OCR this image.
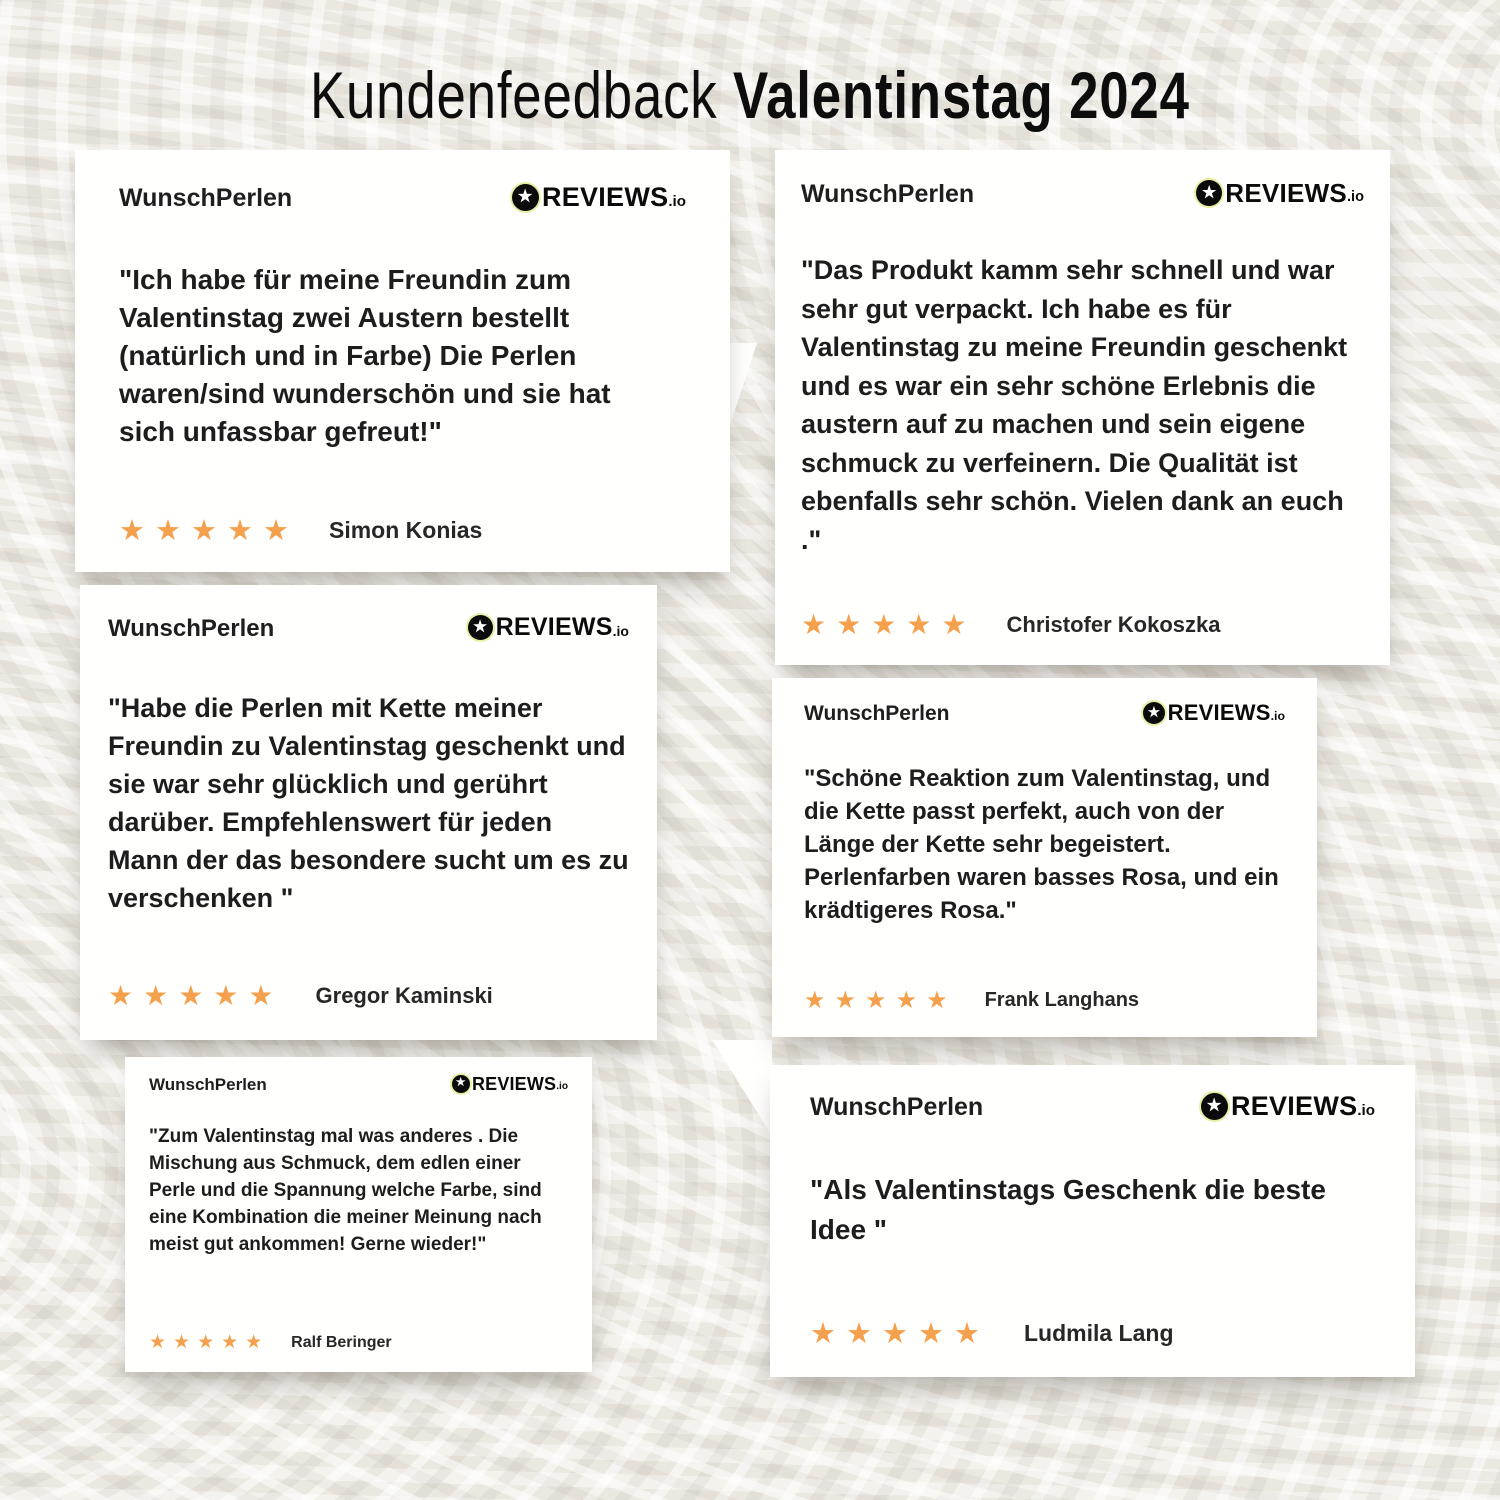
Kundenfeedback Valentinstag 2024
WunschPerlen	★ REVIEWS .io

"Ich habe für meine Freundin zum Valentinstag zwei Austern bestellt (natürlich und in Farbe) Die Perlen waren/sind wunderschön und sie hat sich unfassbar gefreut!"

★★★★★ Simon Konias
WunschPerlen	★ REVIEWS .io

"Das Produkt kamm sehr schnell und war sehr gut verpackt. Ich habe es für Valentinstag zu meine Freundin geschenkt und es war ein sehr schöne Erlebnis die austern auf zu machen und sein eigene schmuck zu verfeinern. Die Qualität ist ebenfalls sehr schön. Vielen dank an euch ."

★★★★★ Christofer Kokoszka
WunschPerlen	★ REVIEWS .io

"Habe die Perlen mit Kette meiner Freundin zu Valentinstag geschenkt und sie war sehr glücklich und gerührt darüber. Empfehlenswert für jeden Mann der das besondere sucht um es zu verschenken "

★★★★★ Gregor Kaminski
WunschPerlen	★ REVIEWS .io

"Schöne Reaktion zum Valentinstag, und die Kette passt perfekt, auch von der Länge der Kette sehr begeistert. Perlenfarben waren basses Rosa, und ein krädtigeres Rosa."

★★★★★ Frank Langhans
WunschPerlen	★ REVIEWS .io

"Zum Valentinstag mal was anderes . Die Mischung aus Schmuck, dem edlen einer Perle und die Spannung welche Farbe, sind eine Kombination die meiner Meinung nach meist gut ankommen! Gerne wieder!"

★★★★★ Ralf Beringer
WunschPerlen	★ REVIEWS .io

"Als Valentinstags Geschenk die beste Idee "

★★★★★ Ludmila Lang
